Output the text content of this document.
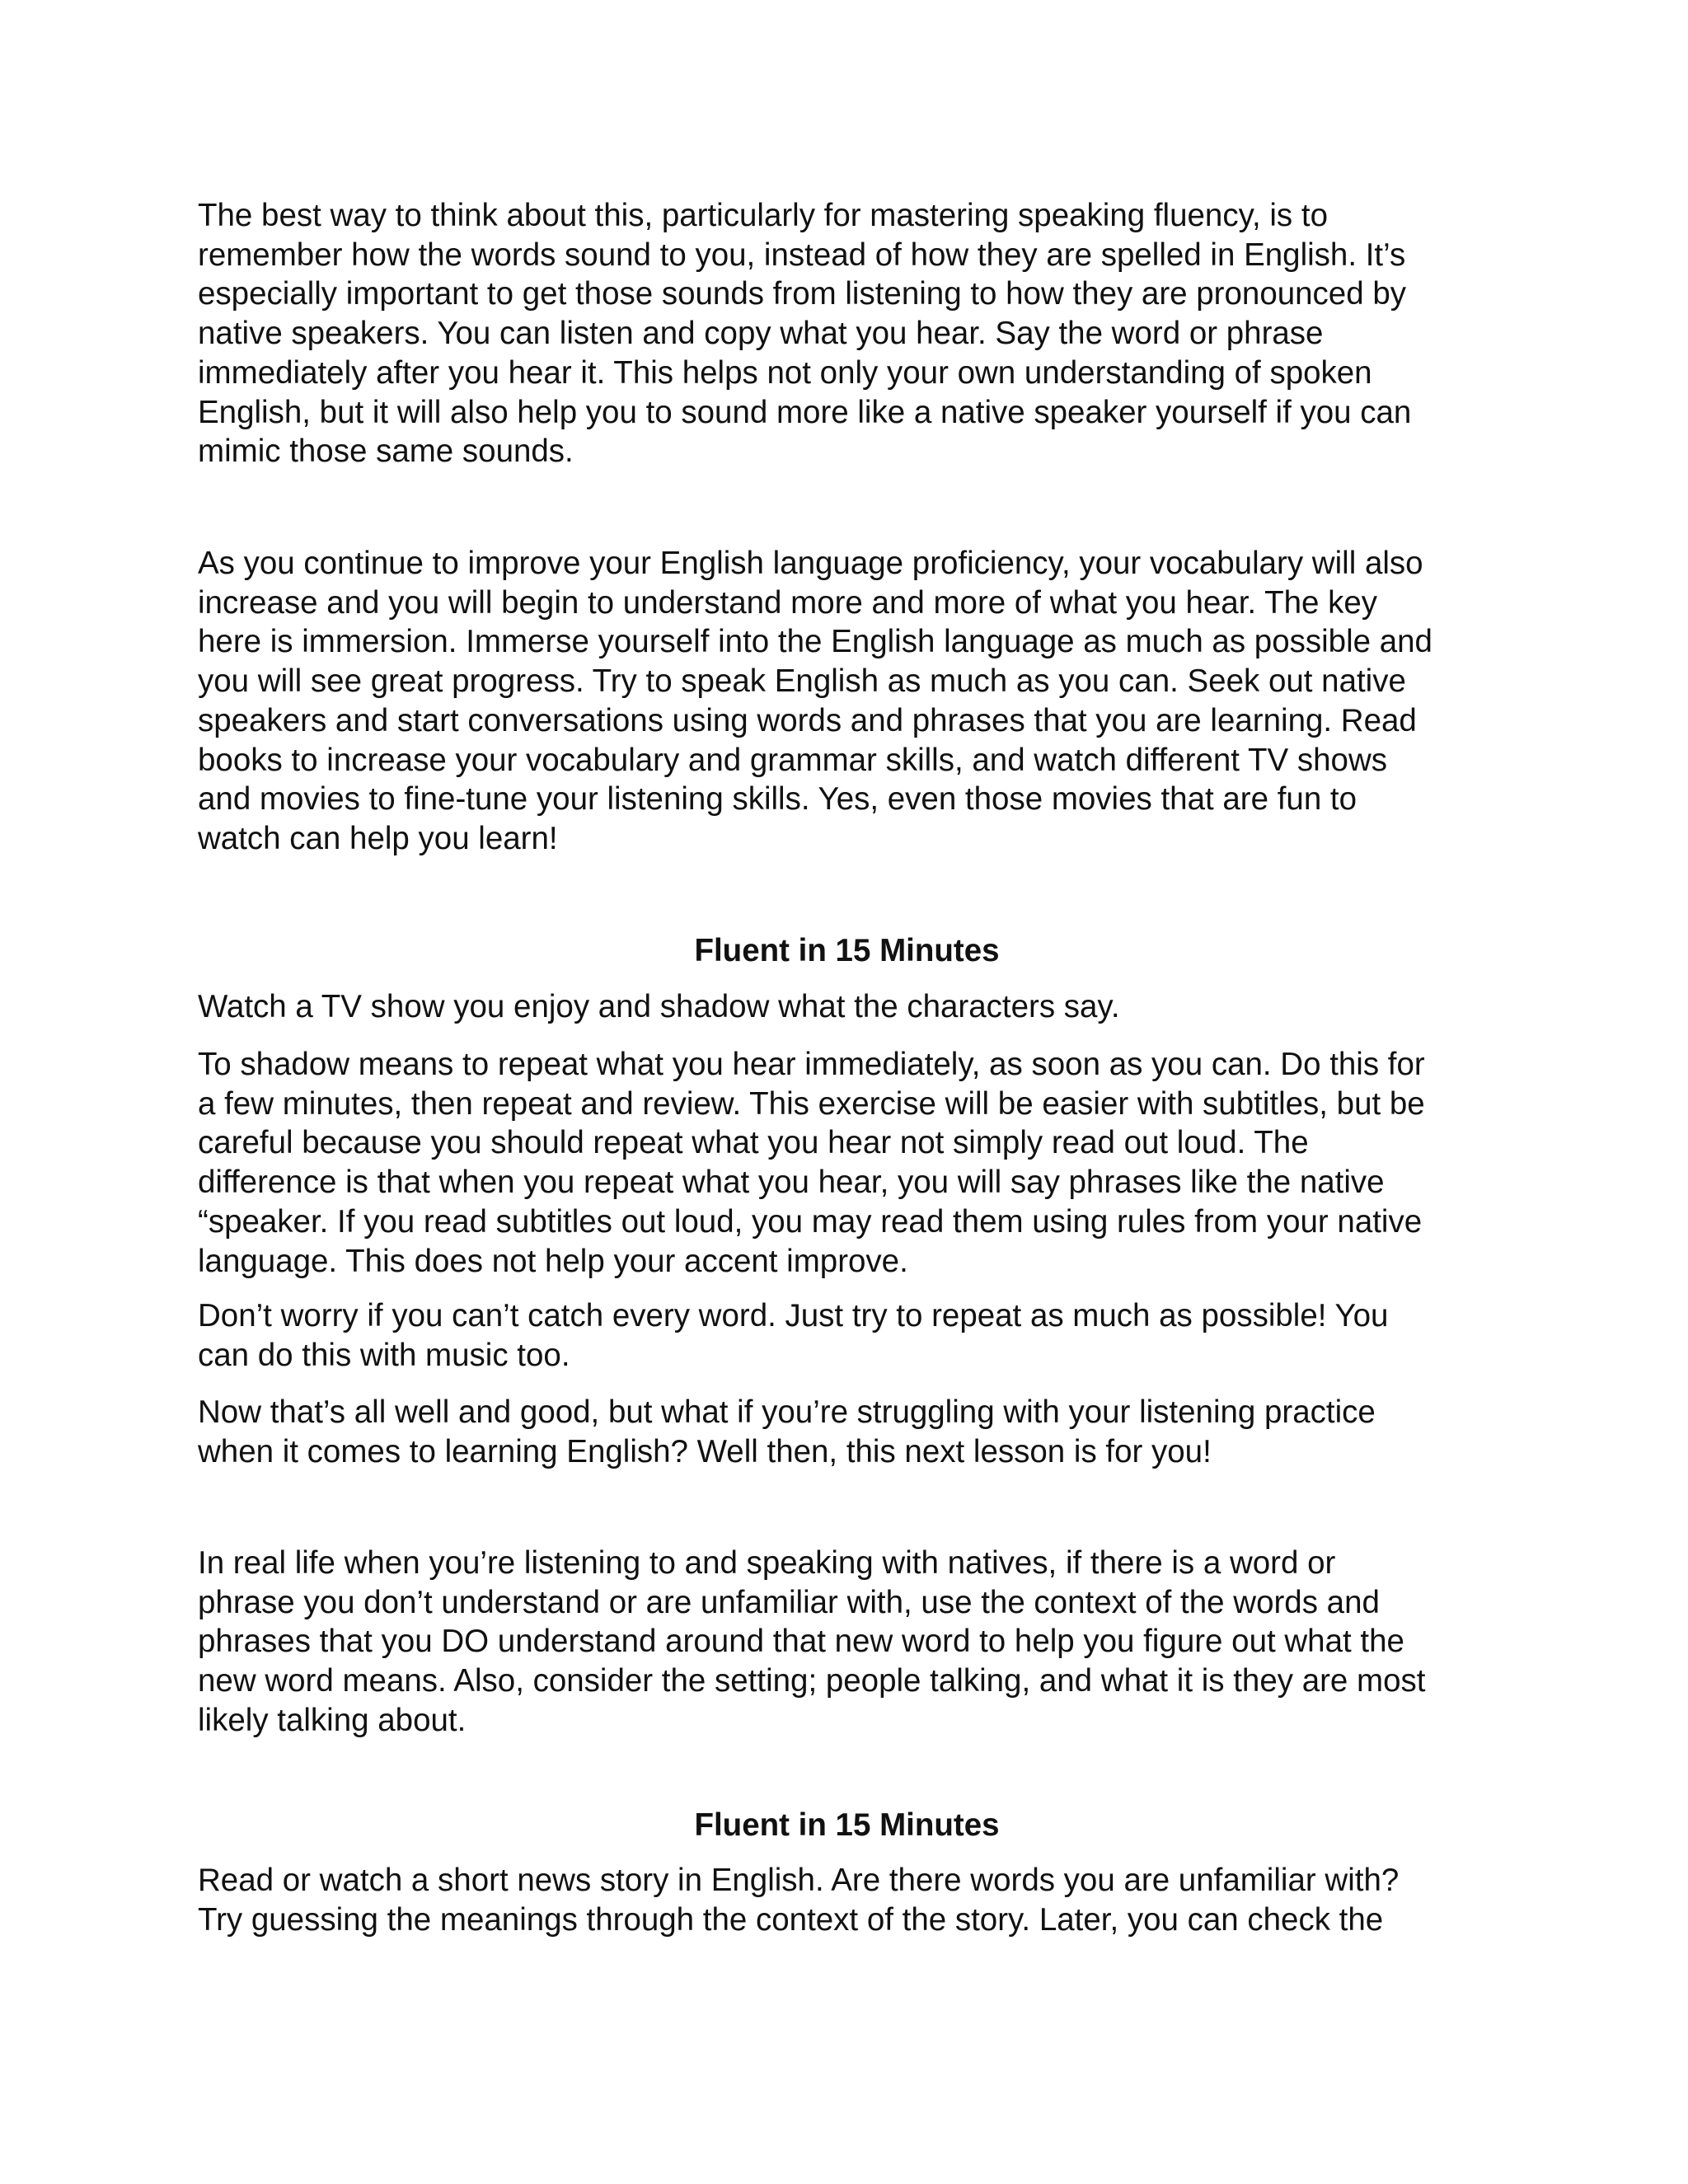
The best way to think about this, particularly for mastering speaking fluency, is to
remember how the words sound to you, instead of how they are spelled in English. It’s
especially important to get those sounds from listening to how they are pronounced by
native speakers. You can listen and copy what you hear. Say the word or phrase
immediately after you hear it. This helps not only your own understanding of spoken
English, but it will also help you to sound more like a native speaker yourself if you can
mimic those same sounds.

As you continue to improve your English language proficiency, your vocabulary will also
increase and you will begin to understand more and more of what you hear. The key
here is immersion. Immerse yourself into the English language as much as possible and
you will see great progress. Try to speak English as much as you can. Seek out native
speakers and start conversations using words and phrases that you are learning. Read
books to increase your vocabulary and grammar skills, and watch different TV shows
and movies to fine-tune your listening skills. Yes, even those movies that are fun to
watch can help you learn!

Fluent in 15 Minutes

Watch a TV show you enjoy and shadow what the characters say.

To shadow means to repeat what you hear immediately, as soon as you can. Do this for
a few minutes, then repeat and review. This exercise will be easier with subtitles, but be
careful because you should repeat what you hear not simply read out loud. The
difference is that when you repeat what you hear, you will say phrases like the native
“speaker. If you read subtitles out loud, you may read them using rules from your native
language. This does not help your accent improve.

Don’t worry if you can’t catch every word. Just try to repeat as much as possible! You
can do this with music too.

Now that’s all well and good, but what if you’re struggling with your listening practice
when it comes to learning English? Well then, this next lesson is for you!

In real life when you’re listening to and speaking with natives, if there is a word or
phrase you don’t understand or are unfamiliar with, use the context of the words and
phrases that you DO understand around that new word to help you figure out what the
new word means. Also, consider the setting; people talking, and what it is they are most
likely talking about.

Fluent in 15 Minutes

Read or watch a short news story in English. Are there words you are unfamiliar with?
Try guessing the meanings through the context of the story. Later, you can check the
